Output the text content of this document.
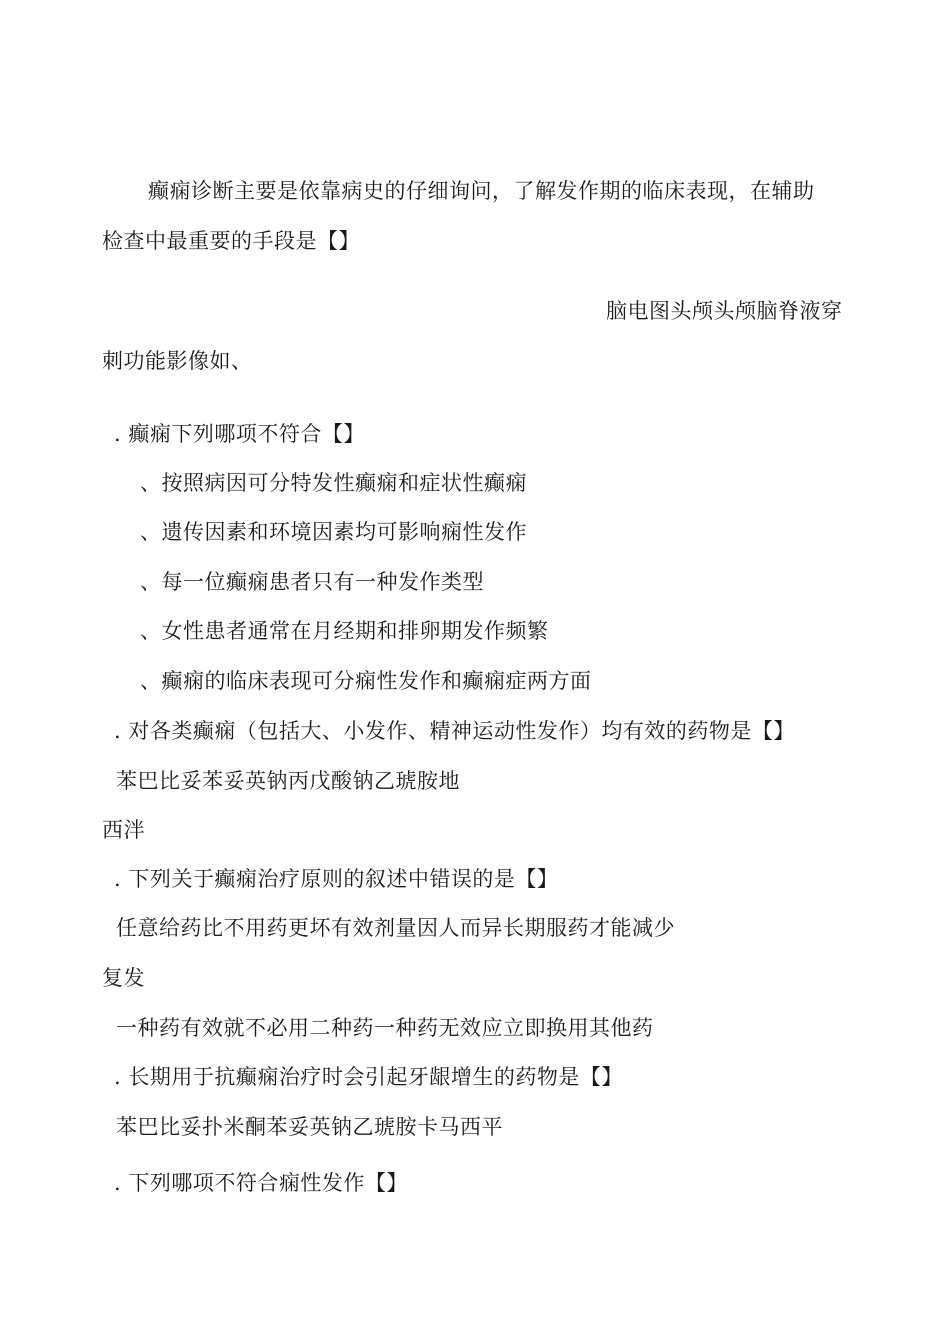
癫痫诊断主要是依靠病史的仔细询问，了解发作期的临床表现，在辅助
检查中最重要的手段是【】
脑电图头颅头颅脑脊液穿
刺功能影像如、
. 癫痫下列哪项不符合【】
、按照病因可分特发性癫痫和症状性癫痫
、遗传因素和环境因素均可影响痫性发作
、每一位癫痫患者只有一种发作类型
、女性患者通常在月经期和排卵期发作频繁
、癫痫的临床表现可分痫性发作和癫痫症两方面
. 对各类癫痫（包括大、小发作、精神运动性发作）均有效的药物是【】
苯巴比妥苯妥英钠丙戊酸钠乙琥胺地
西泮
. 下列关于癫痫治疗原则的叙述中错误的是【】
任意给药比不用药更坏有效剂量因人而异长期服药才能减少
复发
一种药有效就不必用二种药一种药无效应立即换用其他药
. 长期用于抗癫痫治疗时会引起牙龈增生的药物是【】
苯巴比妥扑米酮苯妥英钠乙琥胺卡马西平
. 下列哪项不符合痫性发作【】
